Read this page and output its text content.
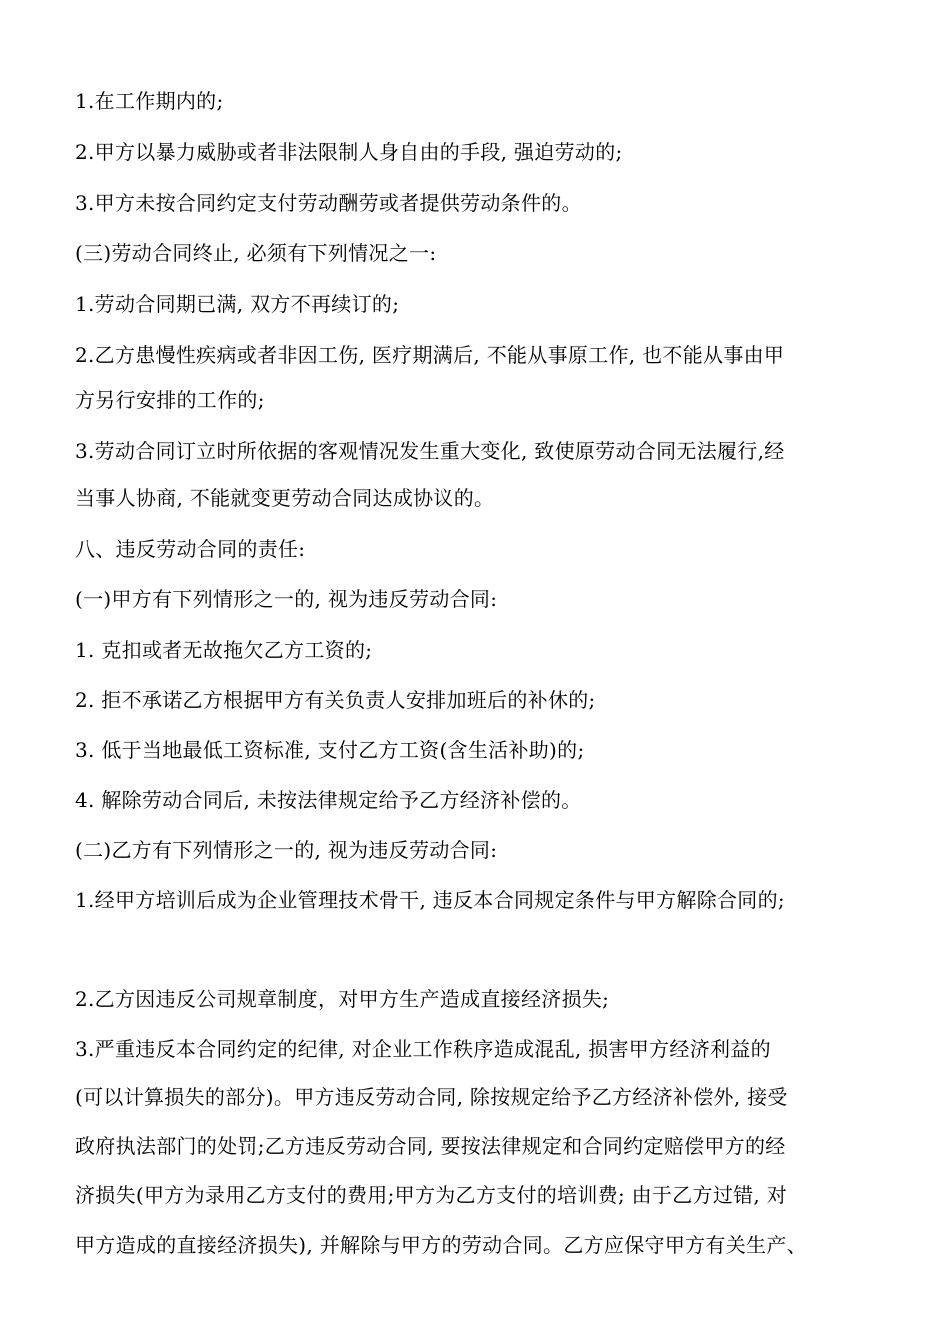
1.在工作期内的;
2.甲方以暴力威胁或者非法限制人身自由的手段, 强迫劳动的;
3.甲方未按合同约定支付劳动酬劳或者提供劳动条件的。
(三)劳动合同终止, 必须有下列情况之一:
1.劳动合同期已满, 双方不再续订的;
2.乙方患慢性疾病或者非因工伤, 医疗期满后, 不能从事原工作, 也不能从事由甲
方另行安排的工作的;
3.劳动合同订立时所依据的客观情况发生重大变化, 致使原劳动合同无法履行,经
当事人协商, 不能就变更劳动合同达成协议的。
八、违反劳动合同的责任:
(一)甲方有下列情形之一的, 视为违反劳动合同:
1. 克扣或者无故拖欠乙方工资的;
2. 拒不承诺乙方根据甲方有关负责人安排加班后的补休的;
3. 低于当地最低工资标准, 支付乙方工资(含生活补助)的;
4. 解除劳动合同后, 未按法律规定给予乙方经济补偿的。
(二)乙方有下列情形之一的, 视为违反劳动合同:
1.经甲方培训后成为企业管理技术骨干, 违反本合同规定条件与甲方解除合同的;
2.乙方因违反公司规章制度，对甲方生产造成直接经济损失;
3.严重违反本合同约定的纪律, 对企业工作秩序造成混乱, 损害甲方经济利益的
(可以计算损失的部分)。甲方违反劳动合同, 除按规定给予乙方经济补偿外, 接受
政府执法部门的处罚;乙方违反劳动合同, 要按法律规定和合同约定赔偿甲方的经
济损失(甲方为录用乙方支付的费用;甲方为乙方支付的培训费; 由于乙方过错, 对
甲方造成的直接经济损失), 并解除与甲方的劳动合同。乙方应保守甲方有关生产、
